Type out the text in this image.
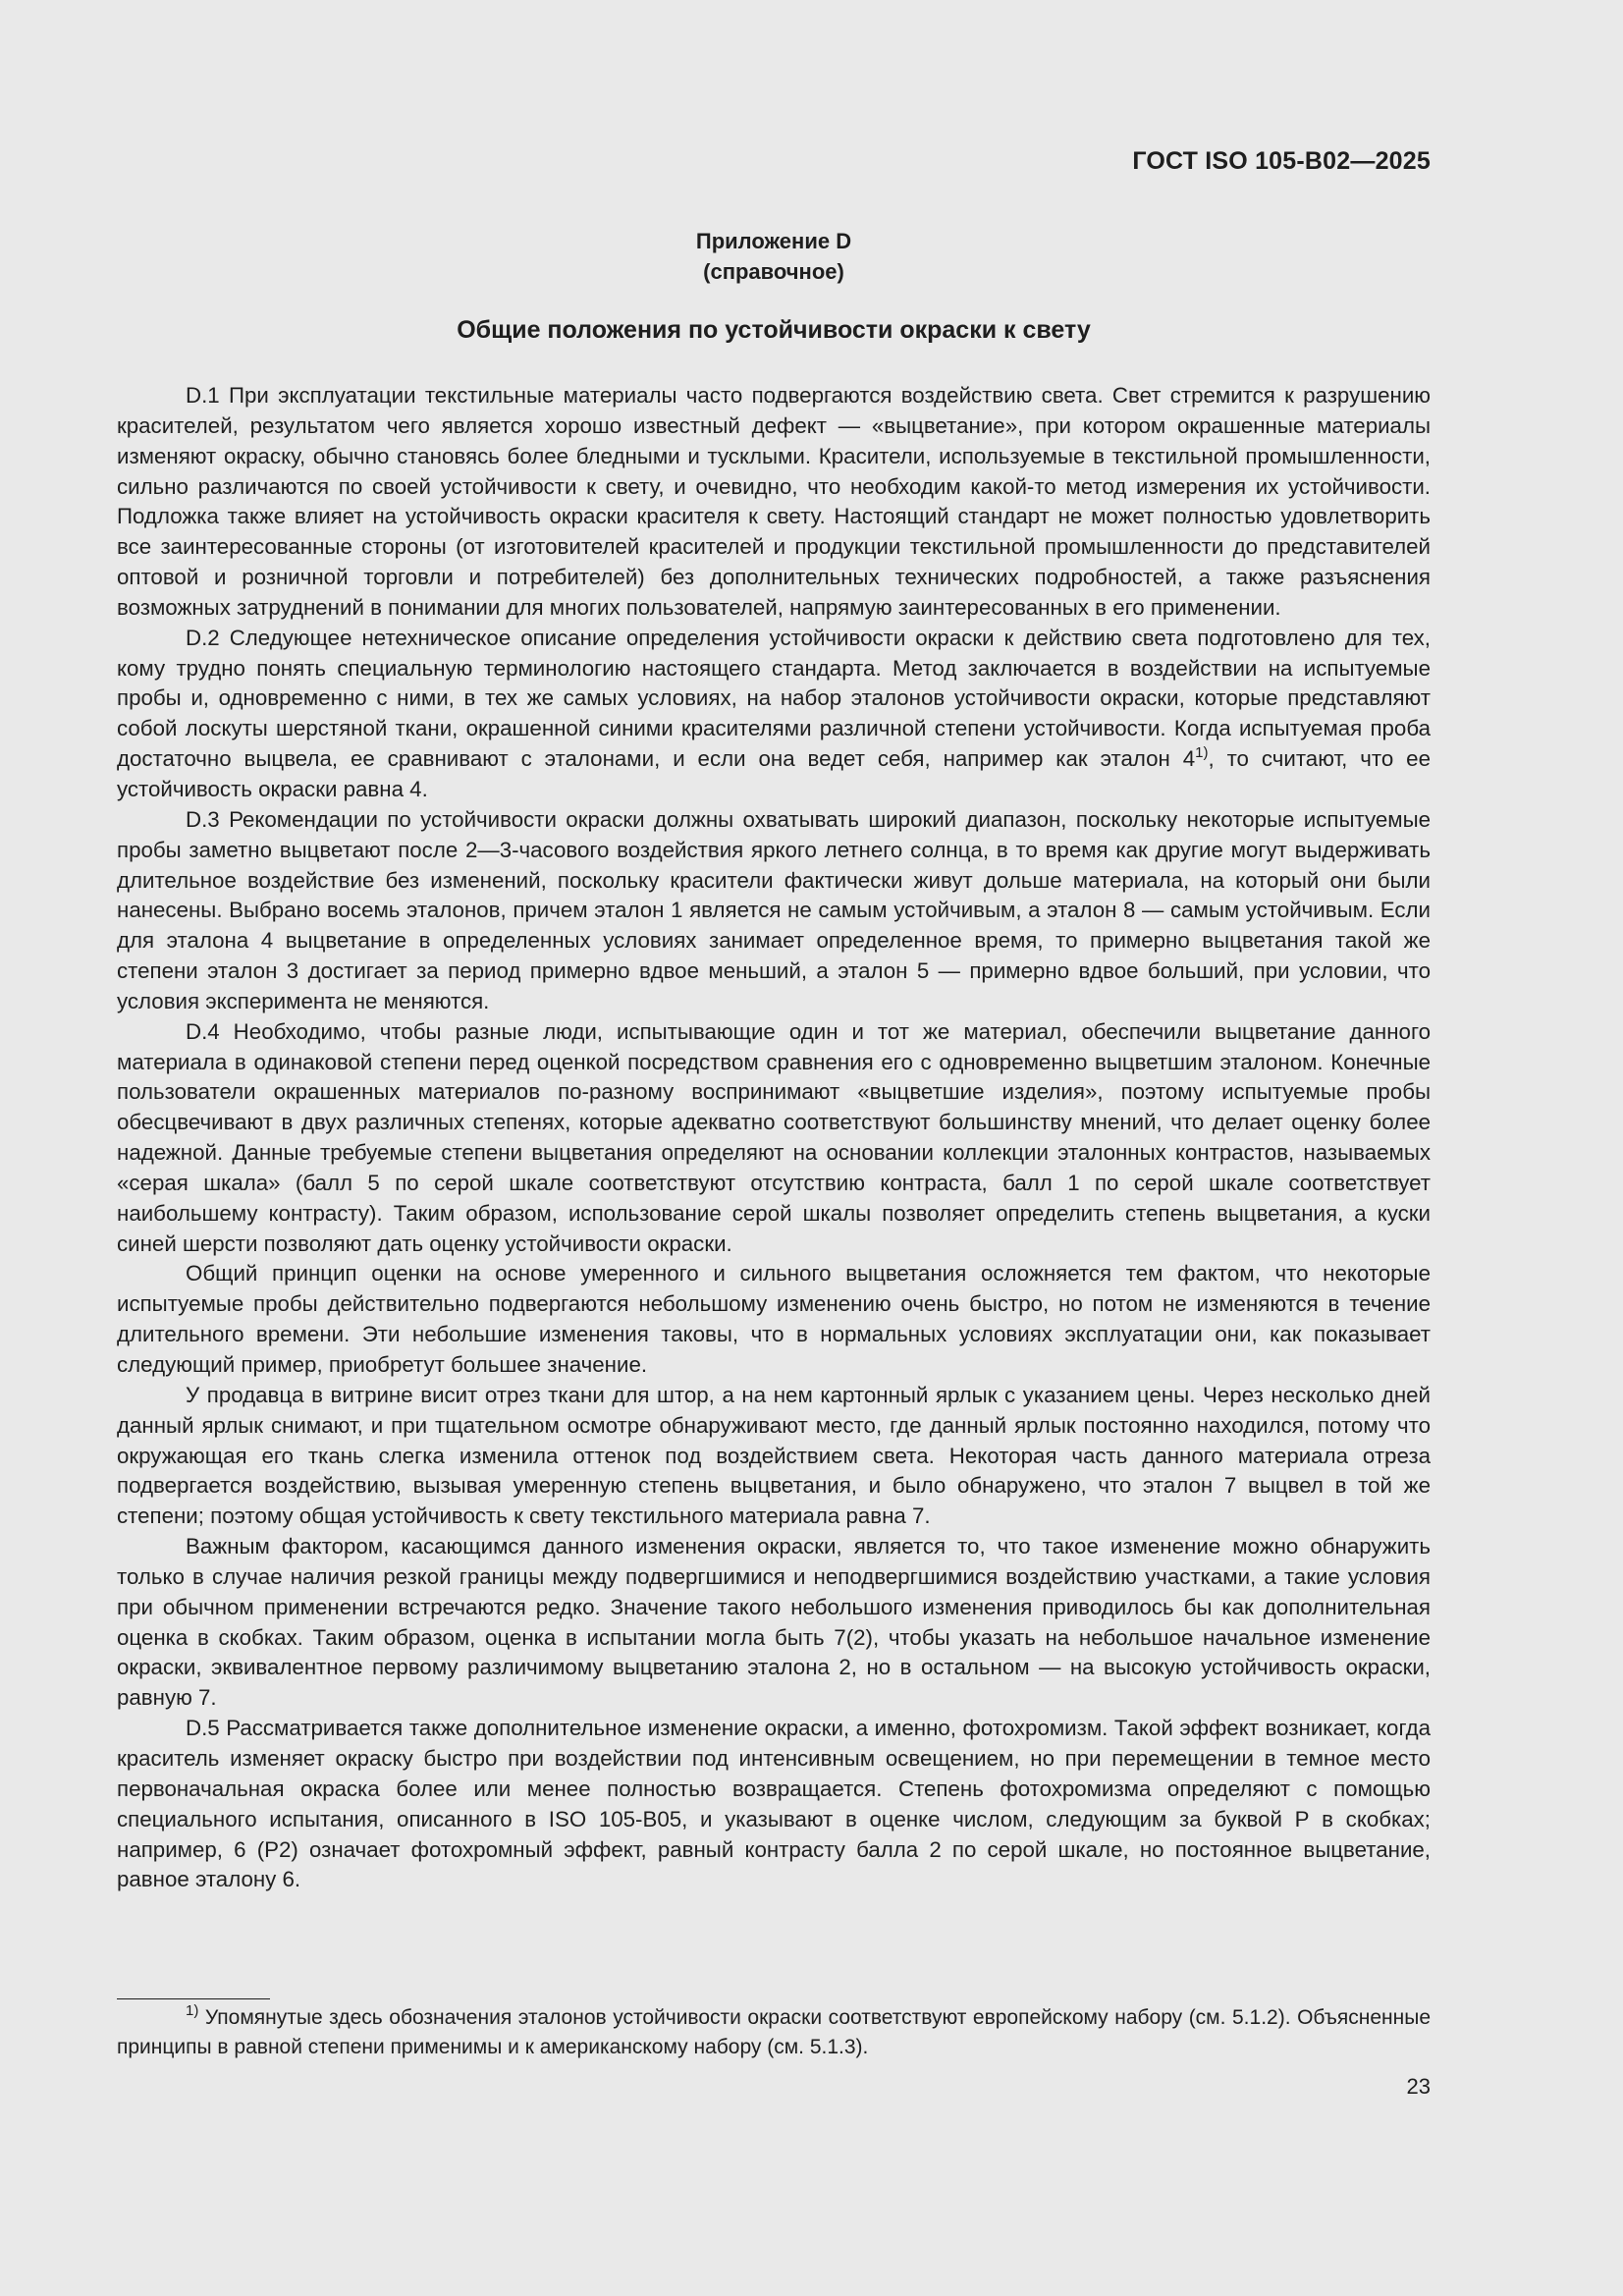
ГОСТ ISO 105-B02—2025
Приложение D
(справочное)
Общие положения по устойчивости окраски к свету

D.1 При эксплуатации текстильные материалы часто подвергаются воздействию света. Свет стремится к разрушению красителей, результатом чего является хорошо известный дефект — «выцветание», при котором окрашенные материалы изменяют окраску, обычно становясь более бледными и тусклыми. Красители, используемые в текстильной промышленности, сильно различаются по своей устойчивости к свету, и очевидно, что необходим какой-то метод измерения их устойчивости. Подложка также влияет на устойчивость окраски красителя к свету. Настоящий стандарт не может полностью удовлетворить все заинтересованные стороны (от изготовителей красителей и продукции текстильной промышленности до представителей оптовой и розничной торговли и потребителей) без дополнительных технических подробностей, а также разъяснения возможных затруднений в понимании для многих пользователей, напрямую заинтересованных в его применении.

D.2 Следующее нетехническое описание определения устойчивости окраски к действию света подготовлено для тех, кому трудно понять специальную терминологию настоящего стандарта. Метод заключается в воздействии на испытуемые пробы и, одновременно с ними, в тех же самых условиях, на набор эталонов устойчивости окраски, которые представляют собой лоскуты шерстяной ткани, окрашенной синими красителями различной степени устойчивости. Когда испытуемая проба достаточно выцвела, ее сравнивают с эталонами, и если она ведет себя, например как эталон 4$^{1)}$, то считают, что ее устойчивость окраски равна 4.

D.3 Рекомендации по устойчивости окраски должны охватывать широкий диапазон, поскольку некоторые испытуемые пробы заметно выцветают после 2—3-часового воздействия яркого летнего солнца, в то время как другие могут выдерживать длительное воздействие без изменений, поскольку красители фактически живут дольше материала, на который они были нанесены. Выбрано восемь эталонов, причем эталон 1 является не самым устойчивым, а эталон 8 — самым устойчивым. Если для эталона 4 выцветание в определенных условиях занимает определенное время, то примерно выцветания такой же степени эталон 3 достигает за период примерно вдвое меньший, а эталон 5 — примерно вдвое больший, при условии, что условия эксперимента не меняются.

D.4 Необходимо, чтобы разные люди, испытывающие один и тот же материал, обеспечили выцветание данного материала в одинаковой степени перед оценкой посредством сравнения его с одновременно выцветшим эталоном. Конечные пользователи окрашенных материалов по-разному воспринимают «выцветшие изделия», поэтому испытуемые пробы обесцвечивают в двух различных степенях, которые адекватно соответствуют большинству мнений, что делает оценку более надежной. Данные требуемые степени выцветания определяют на основании коллекции эталонных контрастов, называемых «серая шкала» (балл 5 по серой шкале соответствуют отсутствию контраста, балл 1 по серой шкале соответствует наибольшему контрасту). Таким образом, использование серой шкалы позволяет определить степень выцветания, а куски синей шерсти позволяют дать оценку устойчивости окраски.

Общий принцип оценки на основе умеренного и сильного выцветания осложняется тем фактом, что некоторые испытуемые пробы действительно подвергаются небольшому изменению очень быстро, но потом не изменяются в течение длительного времени. Эти небольшие изменения таковы, что в нормальных условиях эксплуатации они, как показывает следующий пример, приобретут большее значение.

У продавца в витрине висит отрез ткани для штор, а на нем картонный ярлык с указанием цены. Через несколько дней данный ярлык снимают, и при тщательном осмотре обнаруживают место, где данный ярлык постоянно находился, потому что окружающая его ткань слегка изменила оттенок под воздействием света. Некоторая часть данного материала отреза подвергается воздействию, вызывая умеренную степень выцветания, и было обнаружено, что эталон 7 выцвел в той же степени; поэтому общая устойчивость к свету текстильного материала равна 7.

Важным фактором, касающимся данного изменения окраски, является то, что такое изменение можно обнаружить только в случае наличия резкой границы между подвергшимися и неподвергшимися воздействию участками, а такие условия при обычном применении встречаются редко. Значение такого небольшого изменения приводилось бы как дополнительная оценка в скобках. Таким образом, оценка в испытании могла быть 7(2), чтобы указать на небольшое начальное изменение окраски, эквивалентное первому различимому выцветанию эталона 2, но в остальном — на высокую устойчивость окраски, равную 7.

D.5 Рассматривается также дополнительное изменение окраски, а именно, фотохромизм. Такой эффект возникает, когда краситель изменяет окраску быстро при воздействии под интенсивным освещением, но при перемещении в темное место первоначальная окраска более или менее полностью возвращается. Степень фотохромизма определяют с помощью специального испытания, описанного в ISO 105-B05, и указывают в оценке числом, следующим за буквой Р в скобках; например, 6 (Р2) означает фотохромный эффект, равный контрасту балла 2 по серой шкале, но постоянное выцветание, равное эталону 6.

$^{1)}$ Упомянутые здесь обозначения эталонов устойчивости окраски соответствуют европейскому набору (см. 5.1.2). Объясненные принципы в равной степени применимы и к американскому набору (см. 5.1.3).

23
